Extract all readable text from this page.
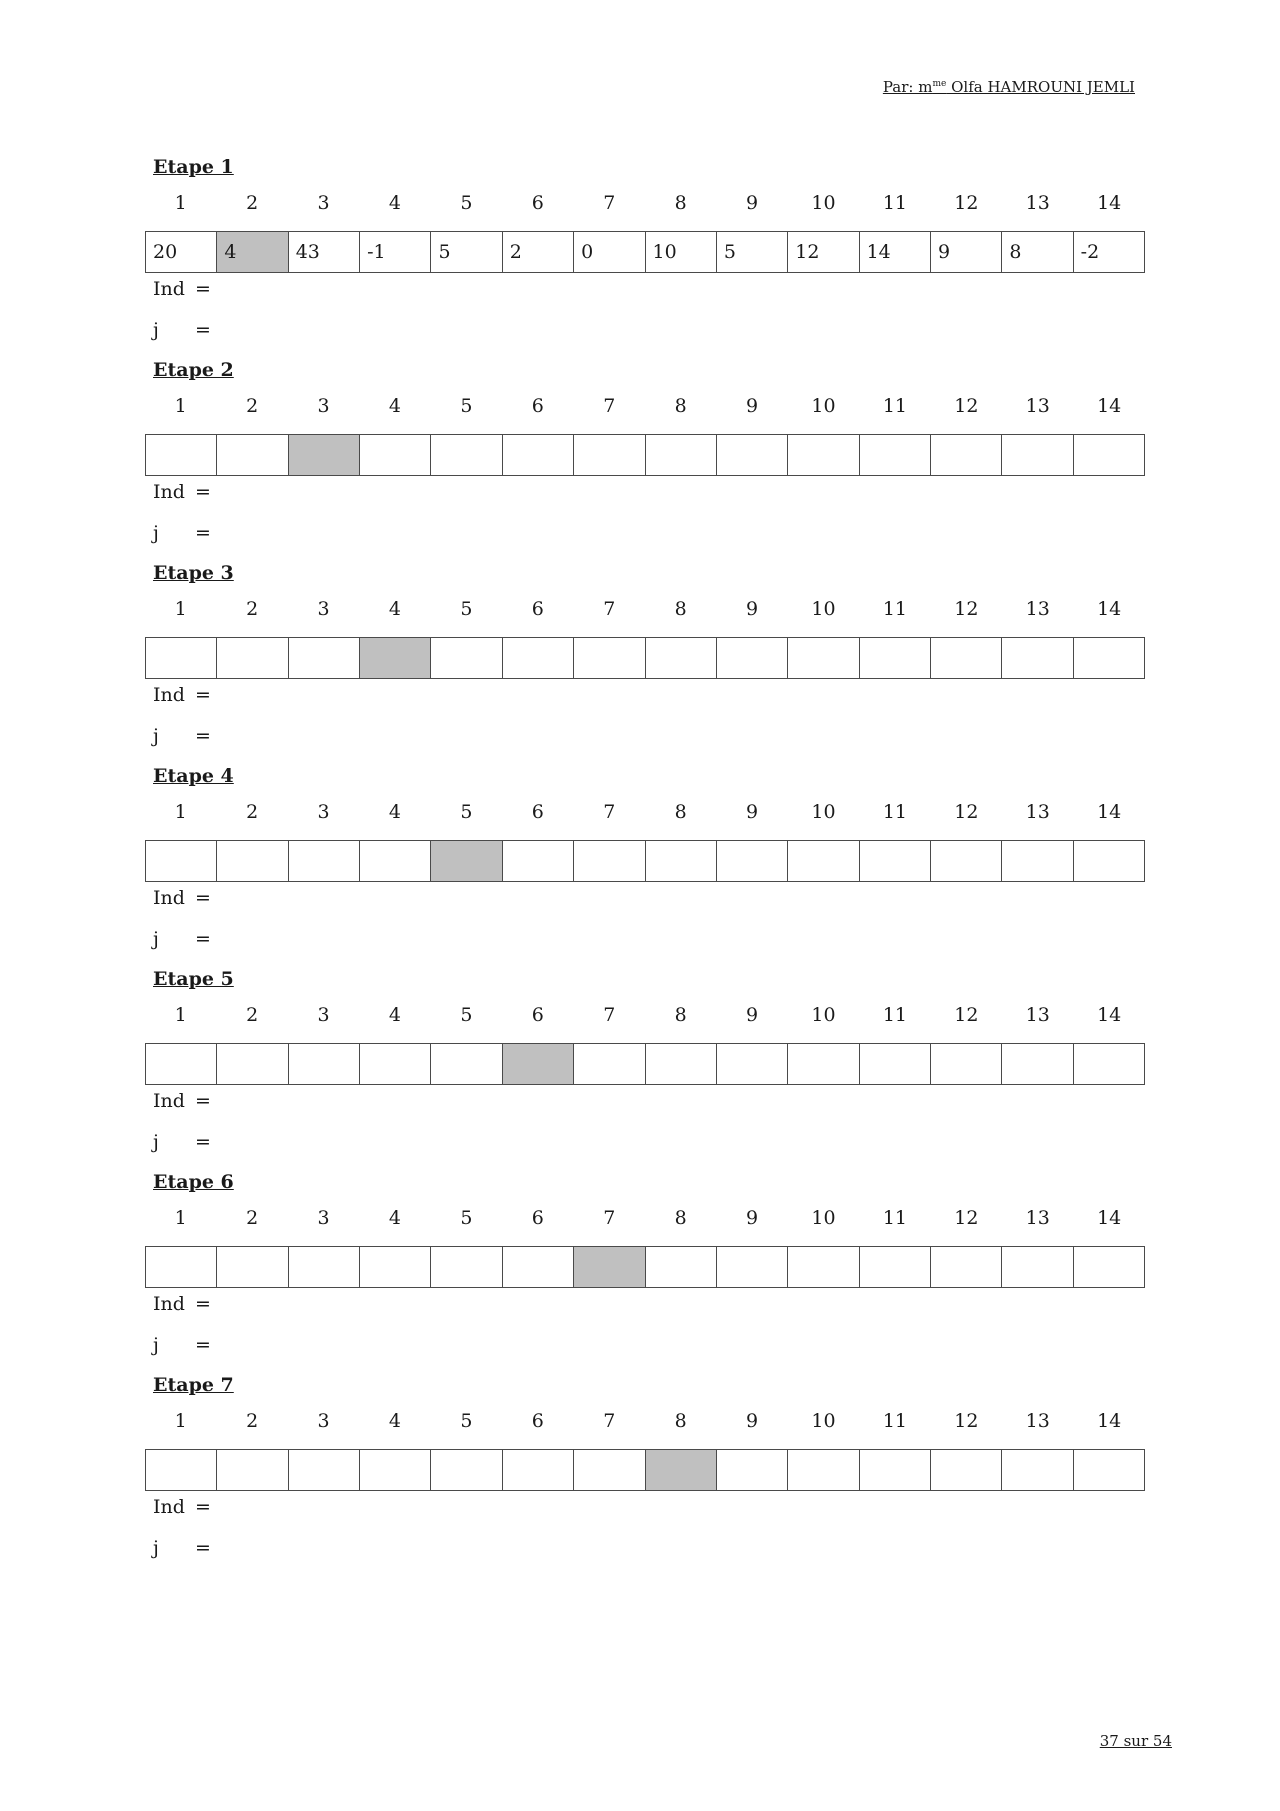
Par: $m^{me}$ Olfa HAMROUNI JEMLI
Etape 1
1	2	3	4	5	6	7	8	9	10	11	12	13	14
20	4	43	-1	5	2	0	10	5	12	14	9	8	-2
Ind =
j =
Etape 2
1	2	3	4	5	6	7	8	9	10	11	12	13	14
Ind =
j =
Etape 3
1	2	3	4	5	6	7	8	9	10	11	12	13	14
Ind =
j =
Etape 4
1	2	3	4	5	6	7	8	9	10	11	12	13	14
Ind =
j =
Etape 5
1	2	3	4	5	6	7	8	9	10	11	12	13	14
Ind =
j =
Etape 6
1	2	3	4	5	6	7	8	9	10	11	12	13	14
Ind =
j =
Etape 7
1	2	3	4	5	6	7	8	9	10	11	12	13	14
Ind =
j =
37 sur 54
